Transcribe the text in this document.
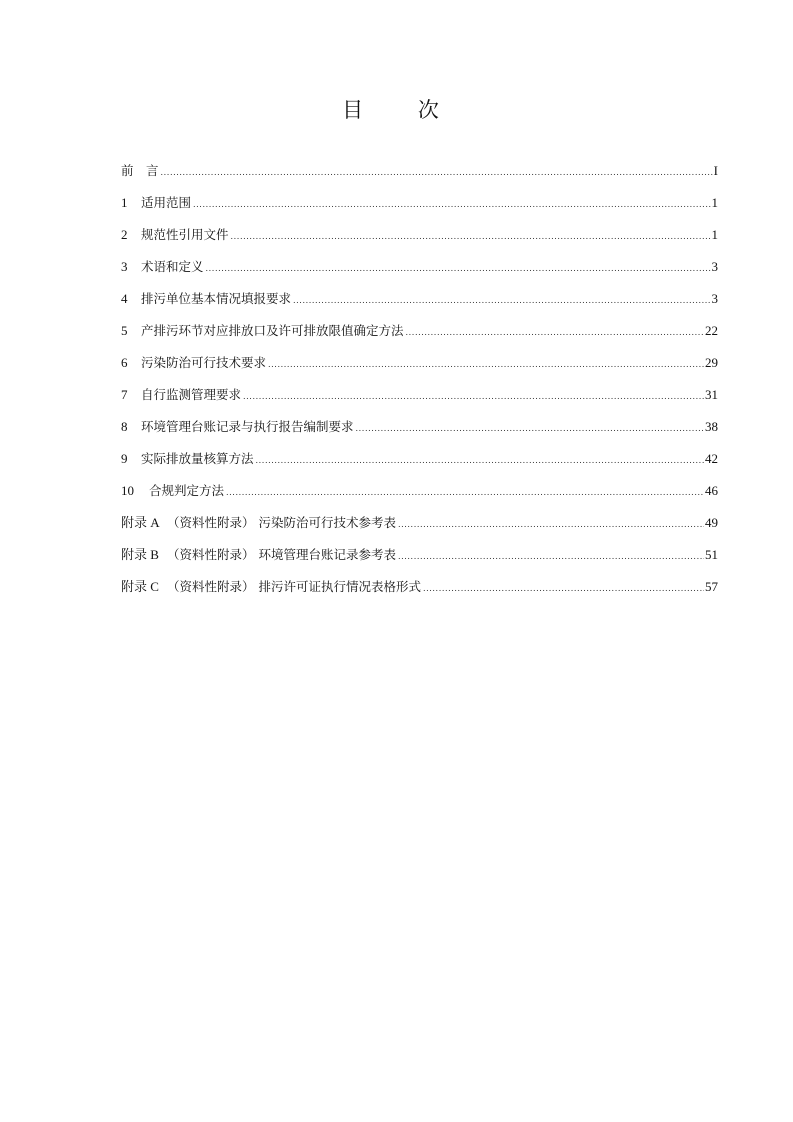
目 次
前　言 .....	I
1 适用范围 .....	1
2 规范性引用文件 .....	1
3 术语和定义 .....	3
4 排污单位基本情况填报要求 .....	3
5 产排污环节对应排放口及许可排放限值确定方法 .....	22
6 污染防治可行技术要求 .....	29
7 自行监测管理要求 .....	31
8 环境管理台账记录与执行报告编制要求 .....	38
9 实际排放量核算方法 .....	42
10 合规判定方法 .....	46
附录 A （资料性附录） 污染防治可行技术参考表 .....	49
附录 B （资料性附录） 环境管理台账记录参考表 .....	51
附录 C （资料性附录） 排污许可证执行情况表格形式 .....	57
